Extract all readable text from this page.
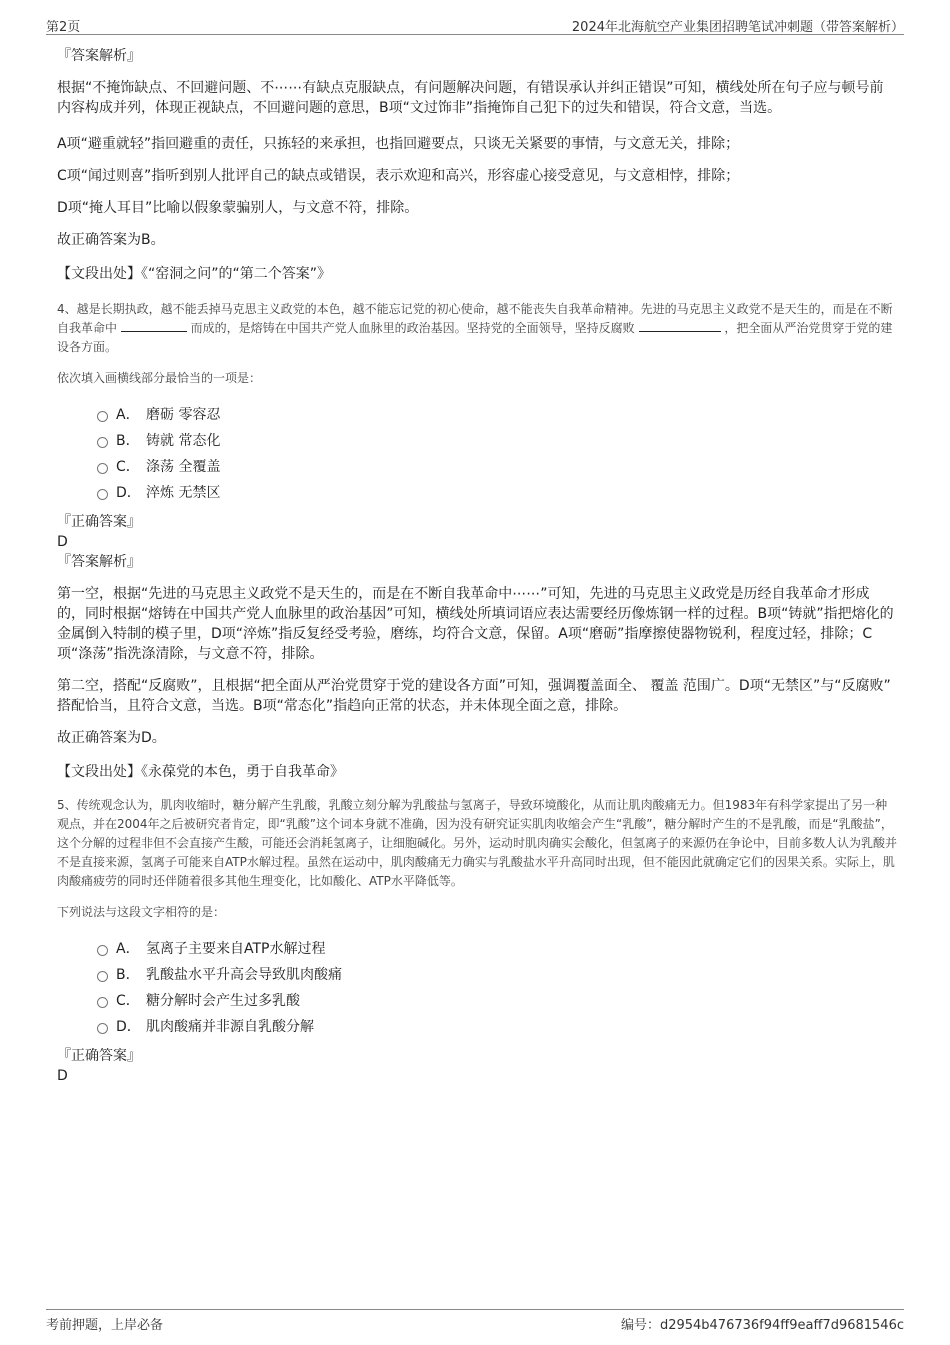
第2页	2024年北海航空产业集团招聘笔试冲刺题（带答案解析）

『答案解析』

根据“不掩饰缺点、不回避问题、不⋯⋯有缺点克服缺点，有问题解决问题，有错误承认并纠正错误”可知，横线处所在句子应与顿号前内容构成并列，体现正视缺点，不回避问题的意思，B项“文过饰非”指掩饰自己犯下的过失和错误，符合文意，当选。

A项“避重就轻”指回避重的责任，只拣轻的来承担，也指回避要点，只谈无关紧要的事情，与文意无关，排除；

C项“闻过则喜”指听到别人批评自己的缺点或错误，表示欢迎和高兴，形容虚心接受意见，与文意相悖，排除；

D项“掩人耳目”比喻以假象蒙骗别人，与文意不符，排除。

故正确答案为B。

【文段出处】《“窑洞之问”的“第二个答案”》

4、越是长期执政，越不能丢掉马克思主义政党的本色，越不能忘记党的初心使命，越不能丧失自我革命精神。先进的马克思主义政党不是天生的，而是在不断自我革命中	而成的，是熔铸在中国共产党人血脉里的政治基因。坚持党的全面领导，坚持反腐败	，把全面从严治党贯穿于党的建设各方面。

依次填入画横线部分最恰当的一项是：

A． 磨砺 零容忍
B． 铸就 常态化
C． 涤荡 全覆盖
D． 淬炼 无禁区

『正确答案』

D

『答案解析』

第一空，根据“先进的马克思主义政党不是天生的，而是在不断自我革命中⋯⋯”可知，先进的马克思主义政党是历经自我革命才形成的，同时根据“熔铸在中国共产党人血脉里的政治基因”可知，横线处所填词语应表达需要经历像炼钢一样的过程。B项“铸就”指把熔化的金属倒入特制的模子里，D项“淬炼”指反复经受考验，磨练，均符合文意，保留。A项“磨砺”指摩擦使器物锐利，程度过轻，排除；C项“涤荡”指洗涤清除，与文意不符，排除。

第二空，搭配“反腐败”，且根据“把全面从严治党贯穿于党的建设各方面”可知，强调覆盖面全、 覆盖 范围广。D项“无禁区”与“反腐败” 搭配恰当，且符合文意，当选。B项“常态化”指趋向正常的状态，并未体现全面之意，排除。

故正确答案为D。

【文段出处】《永葆党的本色，勇于自我革命》

5、传统观念认为，肌肉收缩时，糖分解产生乳酸，乳酸立刻分解为乳酸盐与氢离子，导致环境酸化，从而让肌肉酸痛无力。但1983年有科学家提出了另一种观点，并在2004年之后被研究者肯定，即“乳酸”这个词本身就不准确，因为没有研究证实肌肉收缩会产生“乳酸”，糖分解时产生的不是乳酸，而是“乳酸盐”，这个分解的过程非但不会直接产生酸，可能还会消耗氢离子，让细胞碱化。另外，运动时肌肉确实会酸化，但氢离子的来源仍在争论中，目前多数人认为乳酸并不是直接来源，氢离子可能来自ATP水解过程。虽然在运动中，肌肉酸痛无力确实与乳酸盐水平升高同时出现，但不能因此就确定它们的因果关系。实际上，肌肉酸痛疲劳的同时还伴随着很多其他生理变化，比如酸化、ATP水平降低等。

下列说法与这段文字相符的是：

A． 氢离子主要来自ATP水解过程
B． 乳酸盐水平升高会导致肌肉酸痛
C． 糖分解时会产生过多乳酸
D． 肌肉酸痛并非源自乳酸分解

『正确答案』

D

考前押题，上岸必备	编号：d2954b476736f94ff9eaff7d9681546c
